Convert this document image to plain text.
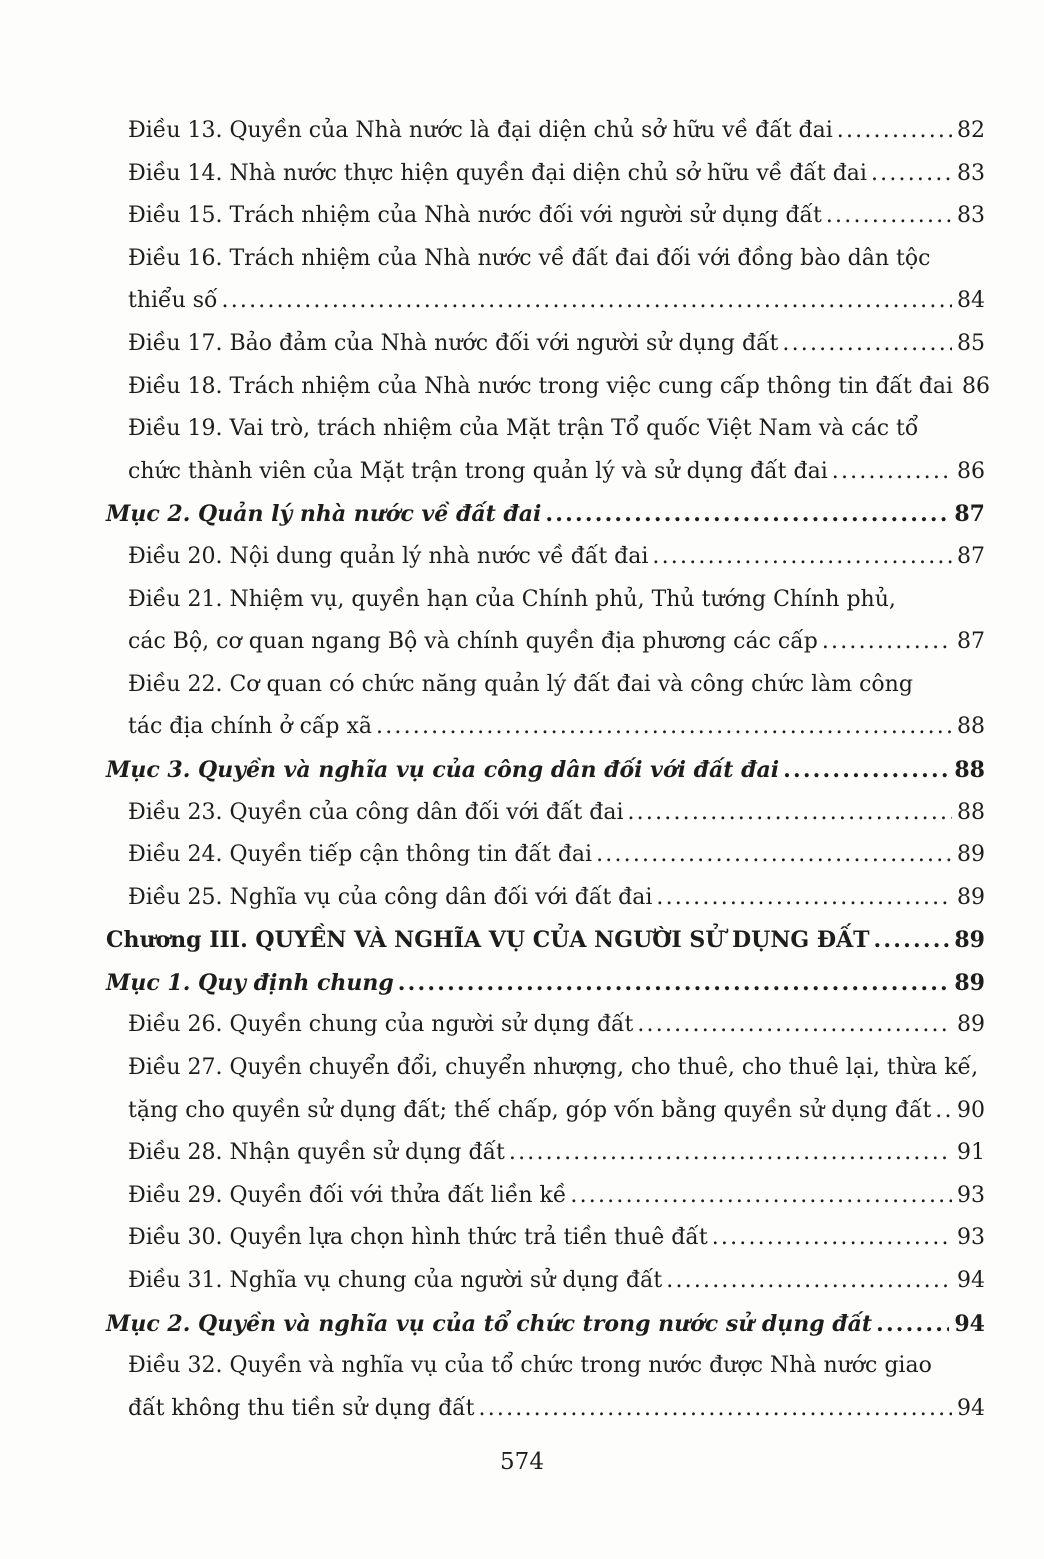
Điều 13. Quyền của Nhà nước là đại diện chủ sở hữu về đất đai .....	82
Điều 14. Nhà nước thực hiện quyền đại diện chủ sở hữu về đất đai .....	83
Điều 15. Trách nhiệm của Nhà nước đối với người sử dụng đất .....	83
Điều 16. Trách nhiệm của Nhà nước về đất đai đối với đồng bào dân tộc
thiểu số .....	84
Điều 17. Bảo đảm của Nhà nước đối với người sử dụng đất .....	85
Điều 18. Trách nhiệm của Nhà nước trong việc cung cấp thông tin đất đai 86
Điều 19. Vai trò, trách nhiệm của Mặt trận Tổ quốc Việt Nam và các tổ
chức thành viên của Mặt trận trong quản lý và sử dụng đất đai .....	86
Mục 2. Quản lý nhà nước về đất đai .....	87
Điều 20. Nội dung quản lý nhà nước về đất đai .....	87
Điều 21. Nhiệm vụ, quyền hạn của Chính phủ, Thủ tướng Chính phủ,
các Bộ, cơ quan ngang Bộ và chính quyền địa phương các cấp .....	87
Điều 22. Cơ quan có chức năng quản lý đất đai và công chức làm công
tác địa chính ở cấp xã .....	88
Mục 3. Quyền và nghĩa vụ của công dân đối với đất đai .....	88
Điều 23. Quyền của công dân đối với đất đai .....	88
Điều 24. Quyền tiếp cận thông tin đất đai .....	89
Điều 25. Nghĩa vụ của công dân đối với đất đai .....	89
Chương III. QUYỀN VÀ NGHĨA VỤ CỦA NGƯỜI SỬ DỤNG ĐẤT .....	89
Mục 1. Quy định chung .....	89
Điều 26. Quyền chung của người sử dụng đất .....	89
Điều 27. Quyền chuyển đổi, chuyển nhượng, cho thuê, cho thuê lại, thừa kế,
tặng cho quyền sử dụng đất; thế chấp, góp vốn bằng quyền sử dụng đất ..... 90
Điều 28. Nhận quyền sử dụng đất .....	91
Điều 29. Quyền đối với thửa đất liền kề .....	93
Điều 30. Quyền lựa chọn hình thức trả tiền thuê đất .....	93
Điều 31. Nghĩa vụ chung của người sử dụng đất .....	94
Mục 2. Quyền và nghĩa vụ của tổ chức trong nước sử dụng đất .....	94
Điều 32. Quyền và nghĩa vụ của tổ chức trong nước được Nhà nước giao
đất không thu tiền sử dụng đất .....	94
574
